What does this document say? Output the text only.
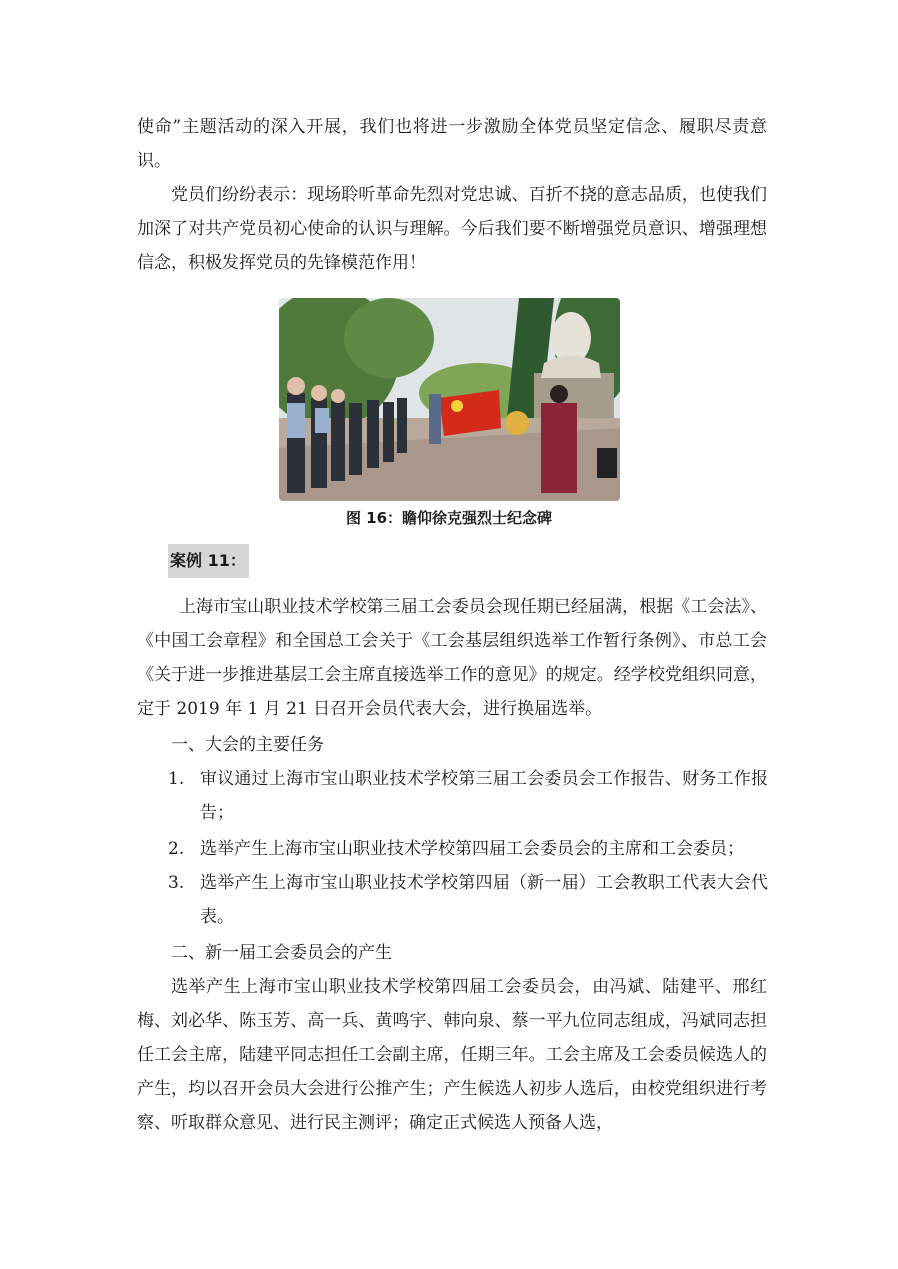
使命”主题活动的深入开展，我们也将进一步激励全体党员坚定信念、履职尽责意识。

党员们纷纷表示：现场聆听革命先烈对党忠诚、百折不挠的意志品质，也使我们加深了对共产党员初心使命的认识与理解。今后我们要不断增强党员意识、增强理想信念，积极发挥党员的先锋模范作用！

图 16：瞻仰徐克强烈士纪念碑
案例 11：

上海市宝山职业技术学校第三届工会委员会现任期已经届满，根据《工会法》、《中国工会章程》和全国总工会关于《工会基层组织选举工作暂行条例》、市总工会《关于进一步推进基层工会主席直接选举工作的意见》的规定。经学校党组织同意，定于 2019 年 1 月 21 日召开会员代表大会，进行换届选举。

一、大会的主要任务

1. 审议通过上海市宝山职业技术学校第三届工会委员会工作报告、财务工作报告；
2. 选举产生上海市宝山职业技术学校第四届工会委员会的主席和工会委员；
3. 选举产生上海市宝山职业技术学校第四届（新一届）工会教职工代表大会代表。

二、新一届工会委员会的产生

选举产生上海市宝山职业技术学校第四届工会委员会，由冯斌、陆建平、邢红梅、刘必华、陈玉芳、高一兵、黄鸣宇、韩向泉、蔡一平九位同志组成，冯斌同志担任工会主席，陆建平同志担任工会副主席，任期三年。工会主席及工会委员候选人的产生，均以召开会员大会进行公推产生；产生候选人初步人选后，由校党组织进行考察、听取群众意见、进行民主测评；确定正式候选人预备人选，
